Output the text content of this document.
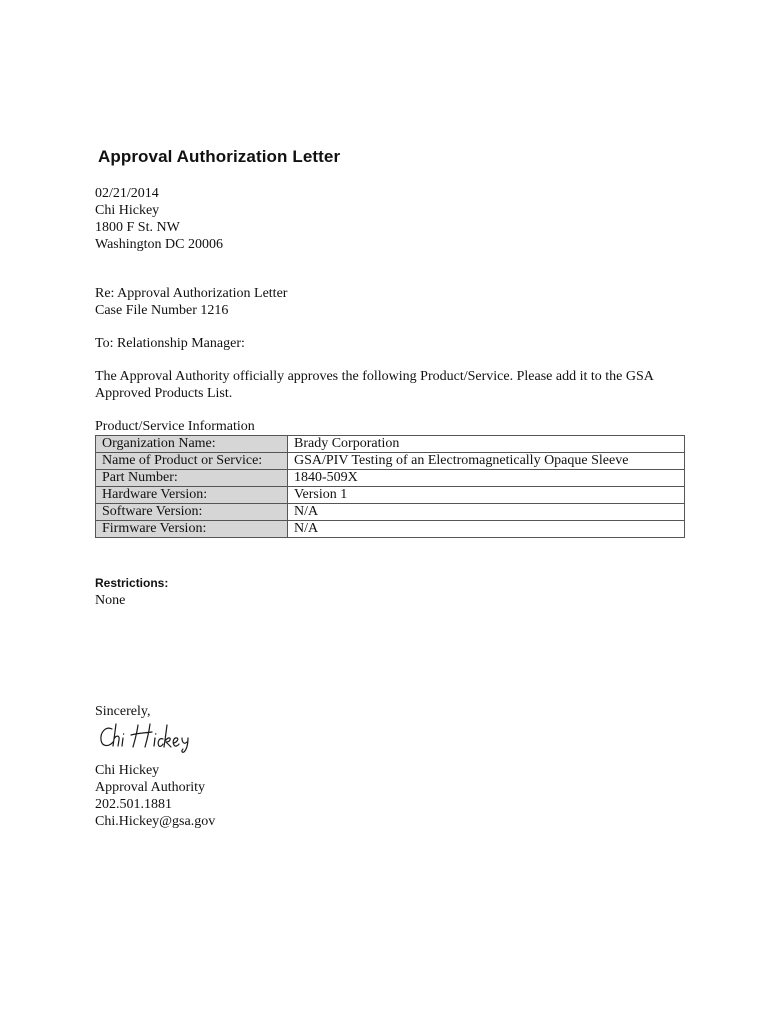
Approval Authorization Letter
02/21/2014
Chi Hickey
1800 F St. NW
Washington DC 20006
Re: Approval Authorization Letter
Case File Number 1216
To: Relationship Manager:
The Approval Authority officially approves the following Product/Service. Please add it to the GSA
Approved Products List.
Product/Service Information
Organization Name:	Brady Corporation
Name of Product or Service:	GSA/PIV Testing of an Electromagnetically Opaque Sleeve
Part Number:	1840-509X
Hardware Version:	Version 1
Software Version:	N/A
Firmware Version:	N/A
Restrictions:
None
Sincerely,
Chi Hickey
Approval Authority
202.501.1881
Chi.Hickey@gsa.gov
